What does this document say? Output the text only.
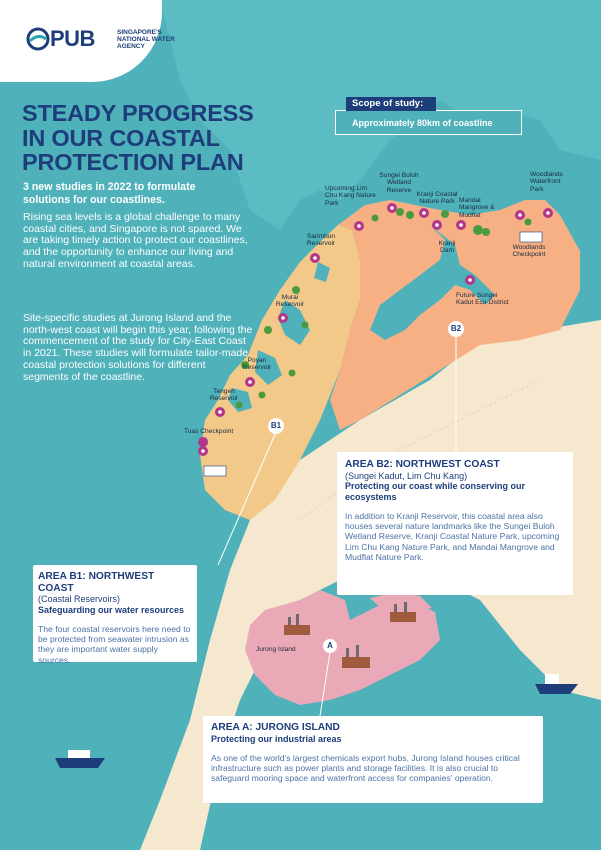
PUB	SINGAPORE'S NATIONAL WATER AGENCY
STEADY PROGRESS IN OUR COASTAL PROTECTION PLAN
3 new studies in 2022 to formulate solutions for our coastlines.
Rising sea levels is a global challenge to many coastal cities, and Singapore is not spared. We are taking timely action to protect our coastlines, and the opportunity to enhance our living and natural environment at coastal areas.
Site-specific studies at Jurong Island and the north-west coast will begin this year, following the commencement of the study for City-East Coast in 2021. These studies will formulate tailor-made coastal protection solutions for different segments of the coastline.
Scope of study:
Approximately 80km of coastline
Tuas Checkpoint
Tengeh Reservoir
Poyan Reservoir
Murai Reservoir
Sarimbun Reservoir
Upcoming Lim Chu Kang Nature Park
Sungei Buloh Wetland Reserve
Kranji Coastal Nature Park Mandai Mangrove & Mudflat
Kranji Dam
Future Sungei Kadut Eco-District
Woodlands Waterfront Park
Woodlands Checkpoint
Jurong Island
B1
B2
A
AREA B2: NORTHWEST COAST
(Sungei Kadut, Lim Chu Kang)
Protecting our coast while conserving our ecosystems
In addition to Kranji Reservoir, this coastal area also houses several nature landmarks like the Sungei Buloh Wetland Reserve, Kranji Coastal Nature Park, upcoming Lim Chu Kang Nature Park, and Mandai Mangrove and Mudflat Nature Park.
AREA B1: NORTHWEST COAST
(Coastal Reservoirs)
Safeguarding our water resources
The four coastal reservoirs here need to be protected from seawater intrusion as they are important water supply sources.
AREA A: JURONG ISLAND
Protecting our industrial areas
As one of the world's largest chemicals export hubs, Jurong Island houses critical infrastructure such as power plants and storage facilities. It is also crucial to safeguard mooring space and waterfront access for companies' operation.
